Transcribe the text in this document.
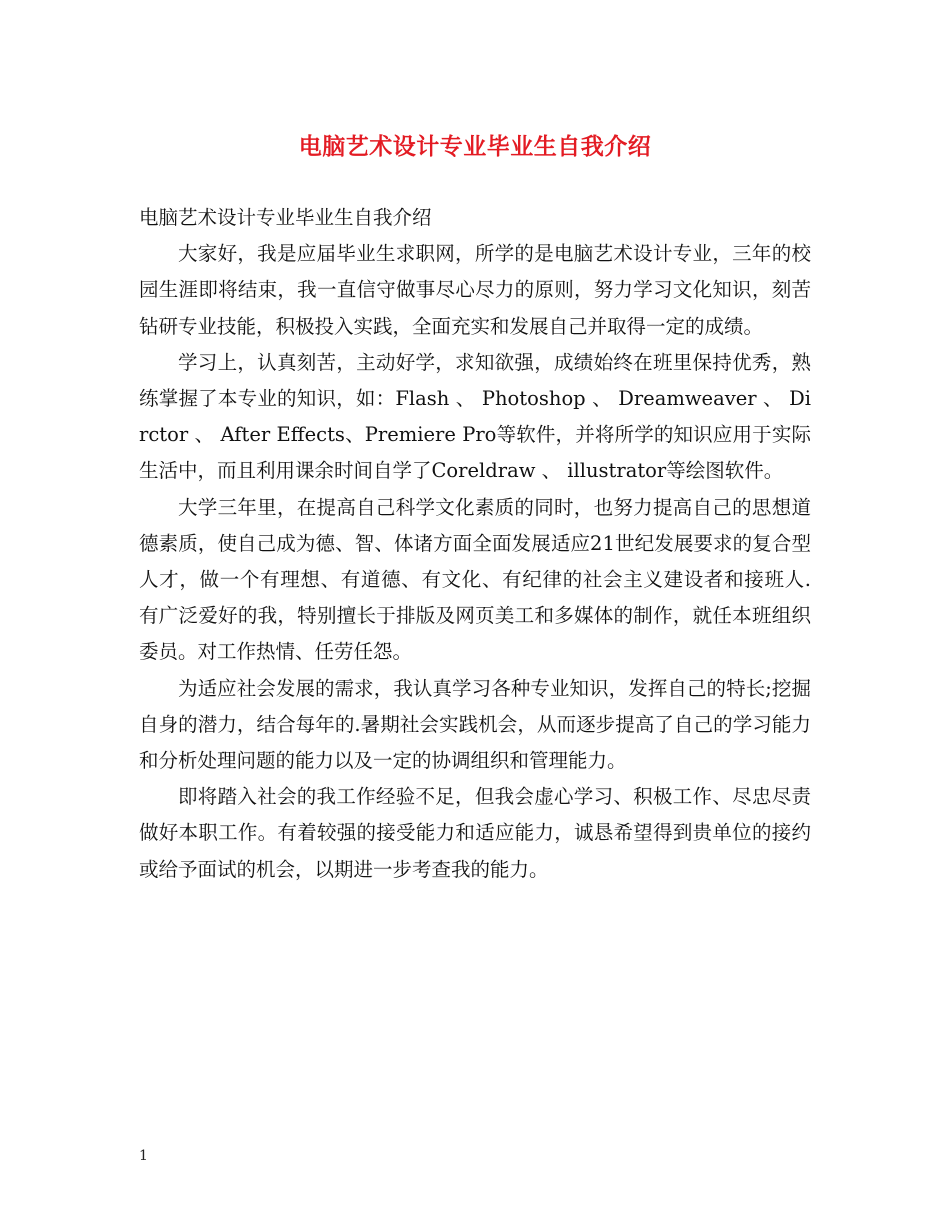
电脑艺术设计专业毕业生自我介绍

电脑艺术设计专业毕业生自我介绍

大家好，我是应届毕业生求职网，所学的是电脑艺术设计专业，三年的校园生涯即将结束，我一直信守做事尽心尽力的原则，努力学习文化知识，刻苦钻研专业技能，积极投入实践，全面充实和发展自己并取得一定的成绩。

学习上，认真刻苦，主动好学，求知欲强，成绩始终在班里保持优秀，熟练掌握了本专业的知识，如：Flash 、 Photoshop 、 Dreamweaver 、 Dirctor 、 After Effects、Premiere Pro等软件，并将所学的知识应用于实际生活中，而且利用课余时间自学了Coreldraw 、 illustrator等绘图软件。

大学三年里，在提高自己科学文化素质的同时，也努力提高自己的思想道德素质，使自己成为德、智、体诸方面全面发展适应21世纪发展要求的复合型人才，做一个有理想、有道德、有文化、有纪律的社会主义建设者和接班人. 有广泛爱好的我，特别擅长于排版及网页美工和多媒体的制作，就任本班组织委员。对工作热情、任劳任怨。

为适应社会发展的需求，我认真学习各种专业知识，发挥自己的特长;挖掘自身的潜力，结合每年的.暑期社会实践机会，从而逐步提高了自己的学习能力和分析处理问题的能力以及一定的协调组织和管理能力。

即将踏入社会的我工作经验不足，但我会虚心学习、积极工作、尽忠尽责做好本职工作。有着较强的接受能力和适应能力，诚恳希望得到贵单位的接约或给予面试的机会，以期进一步考查我的能力。

1
